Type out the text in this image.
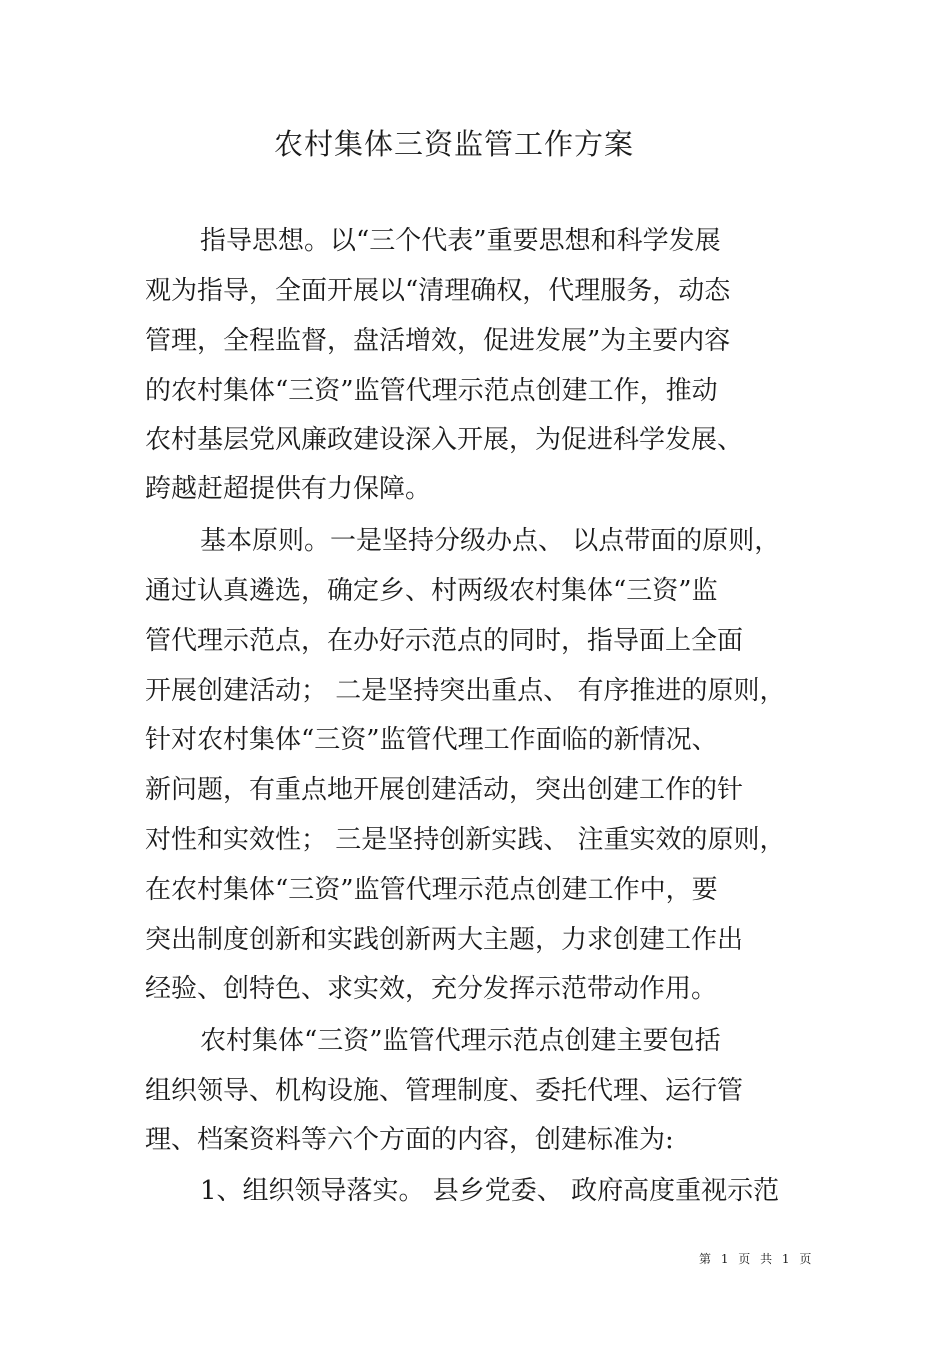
农村集体三资监管工作方案
指导思想。以“三个代表”重要思想和科学发展
观为指导，全面开展以“清理确权，代理服务，动态
管理，全程监督，盘活增效，促进发展”为主要内容
的农村集体“三资”监管代理示范点创建工作，推动
农村基层党风廉政建设深入开展，为促进科学发展、
跨越赶超提供有力保障。
基本原则。一是坚持分级办点、 以点带面的原则，
通过认真遴选，确定乡、村两级农村集体“三资”监
管代理示范点，在办好示范点的同时，指导面上全面
开展创建活动； 二是坚持突出重点、 有序推进的原则，
针对农村集体“三资”监管代理工作面临的新情况、
新问题，有重点地开展创建活动，突出创建工作的针
对性和实效性； 三是坚持创新实践、 注重实效的原则，
在农村集体“三资”监管代理示范点创建工作中，要
突出制度创新和实践创新两大主题，力求创建工作出
经验、创特色、求实效，充分发挥示范带动作用。
农村集体“三资”监管代理示范点创建主要包括
组织领导、机构设施、管理制度、委托代理、运行管
理、档案资料等六个方面的内容，创建标准为:
1、组织领导落实。 县乡党委、 政府高度重视示范
第 1 页 共 1 页
